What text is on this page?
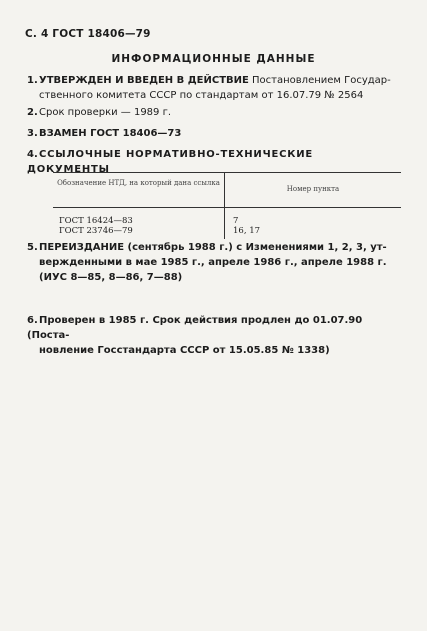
С. 4 ГОСТ 18406—79
ИНФОРМАЦИОННЫЕ ДАННЫЕ
1.УТВЕРЖДЕН И ВВЕДЕН В ДЕЙСТВИЕ Постановлением Государ-
ственного комитета СССР по стандартам от 16.07.79 № 2564
2.Срок проверки — 1989 г.
3.ВЗАМЕН ГОСТ 18406—73
4.ССЫЛОЧНЫЕ НОРМАТИВНО-ТЕХНИЧЕСКИЕ ДОКУМЕНТЫ
Обозначение НТД, на который дана ссылка
Номер пункта
ГОСТ 16424—83
ГОСТ 23746—79
7
16, 17
5.ПЕРЕИЗДАНИЕ (сентябрь 1988 г.) с Изменениями 1, 2, 3, ут-
вержденными в мае 1985 г., апреле 1986 г., апреле 1988 г.
(ИУС 8—85, 8—86, 7—88)
6.Проверен в 1985 г. Срок действия продлен до 01.07.90 (Поста-
новление Госстандарта СССР от 15.05.85 № 1338)
